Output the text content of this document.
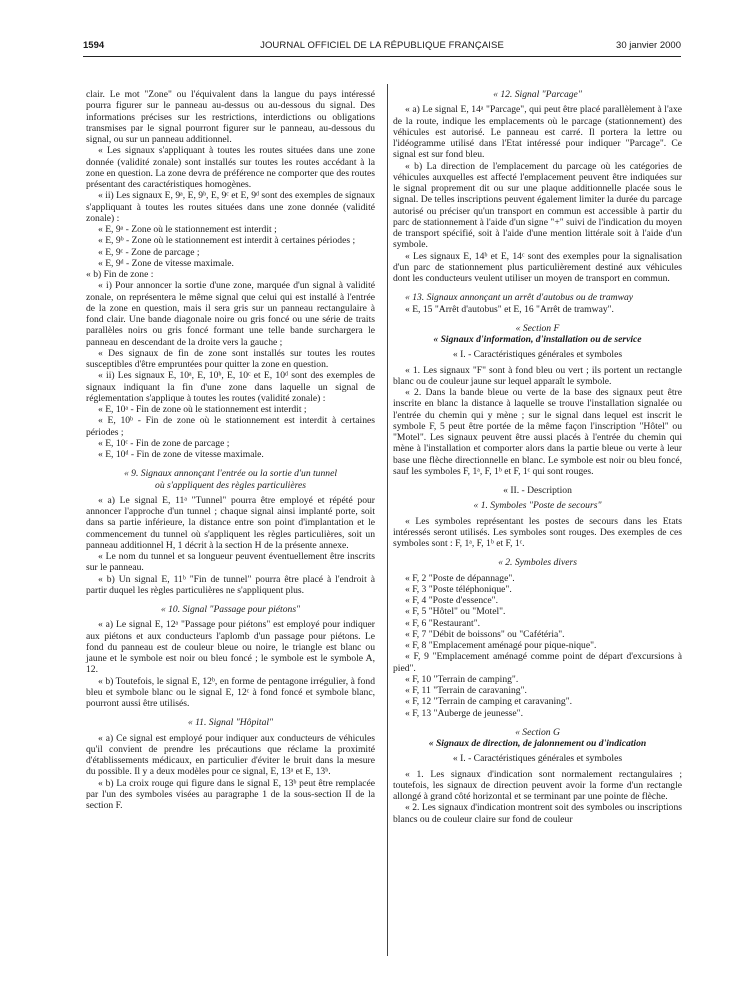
1594	JOURNAL OFFICIEL DE LA RÉPUBLIQUE FRANÇAISE	30 janvier 2000

clair. Le mot "Zone" ou l'équivalent dans la langue du pays intéressé pourra figurer sur le panneau au-dessus ou au-dessous du signal. Des informations précises sur les restrictions, interdictions ou obligations transmises par le signal pourront figurer sur le panneau, au-dessous du signal, ou sur un panneau additionnel.

« Les signaux s'appliquant à toutes les routes situées dans une zone donnée (validité zonale) sont installés sur toutes les routes accédant à la zone en question. La zone devra de préférence ne comporter que des routes présentant des caractéristiques homogènes.

« ii) Les signaux E, 9ᵃ, E, 9ᵇ, E, 9ᶜ et E, 9ᵈ sont des exemples de signaux s'appliquant à toutes les routes situées dans une zone donnée (validité zonale) :

« E, 9ᵃ - Zone où le stationnement est interdit ;

« E, 9ᵇ - Zone où le stationnement est interdit à certaines périodes ;

« E, 9ᶜ - Zone de parcage ;

« E, 9ᵈ - Zone de vitesse maximale.

« b) Fin de zone :

« i) Pour annoncer la sortie d'une zone, marquée d'un signal à validité zonale, on représentera le même signal que celui qui est installé à l'entrée de la zone en question, mais il sera gris sur un panneau rectangulaire à fond clair. Une bande diagonale noire ou gris foncé ou une série de traits parallèles noirs ou gris foncé formant une telle bande surchargera le panneau en descendant de la droite vers la gauche ;

« Des signaux de fin de zone sont installés sur toutes les routes susceptibles d'être empruntées pour quitter la zone en question.

« ii) Les signaux E, 10ᵃ, E, 10ᵇ, E, 10ᶜ et E, 10ᵈ sont des exemples de signaux indiquant la fin d'une zone dans laquelle un signal de réglementation s'applique à toutes les routes (validité zonale) :

« E, 10ᵃ - Fin de zone où le stationnement est interdit ;

« E, 10ᵇ - Fin de zone où le stationnement est interdit à certaines périodes ;

« E, 10ᶜ - Fin de zone de parcage ;

« E, 10ᵈ - Fin de zone de vitesse maximale.

« 9. Signaux annonçant l'entrée ou la sortie d'un tunnel

où s'appliquent des règles particulières

« a) Le signal E, 11ᵃ "Tunnel" pourra être employé et répété pour annoncer l'approche d'un tunnel ; chaque signal ainsi implanté porte, soit dans sa partie inférieure, la distance entre son point d'implantation et le commencement du tunnel où s'appliquent les règles particulières, soit un panneau additionnel H, 1 décrit à la section H de la présente annexe.

« Le nom du tunnel et sa longueur peuvent éventuellement être inscrits sur le panneau.

« b) Un signal E, 11ᵇ "Fin de tunnel" pourra être placé à l'endroit à partir duquel les règles particulières ne s'appliquent plus.

« 10. Signal "Passage pour piétons"

« a) Le signal E, 12ᵃ "Passage pour piétons" est employé pour indiquer aux piétons et aux conducteurs l'aplomb d'un passage pour piétons. Le fond du panneau est de couleur bleue ou noire, le triangle est blanc ou jaune et le symbole est noir ou bleu foncé ; le symbole est le symbole A, 12.

« b) Toutefois, le signal E, 12ᵇ, en forme de pentagone irrégulier, à fond bleu et symbole blanc ou le signal E, 12ᶜ à fond foncé et symbole blanc, pourront aussi être utilisés.

« 11. Signal "Hôpital"

« a) Ce signal est employé pour indiquer aux conducteurs de véhicules qu'il convient de prendre les précautions que réclame la proximité d'établissements médicaux, en particulier d'éviter le bruit dans la mesure du possible. Il y a deux modèles pour ce signal, E, 13ᵃ et E, 13ᵇ.

« b) La croix rouge qui figure dans le signal E, 13ᵇ peut être remplacée par l'un des symboles visées au paragraphe 1 de la sous-section II de la section F.

« 12. Signal "Parcage"

« a) Le signal E, 14ᵃ "Parcage", qui peut être placé parallèlement à l'axe de la route, indique les emplacements où le parcage (stationnement) des véhicules est autorisé. Le panneau est carré. Il portera la lettre ou l'idéogramme utilisé dans l'Etat intéressé pour indiquer "Parcage". Ce signal est sur fond bleu.

« b) La direction de l'emplacement du parcage où les catégories de véhicules auxquelles est affecté l'emplacement peuvent être indiquées sur le signal proprement dit ou sur une plaque additionnelle placée sous le signal. De telles inscriptions peuvent également limiter la durée du parcage autorisé ou préciser qu'un transport en commun est accessible à partir du parc de stationnement à l'aide d'un signe "+" suivi de l'indication du moyen de transport spécifié, soit à l'aide d'une mention littérale soit à l'aide d'un symbole.

« Les signaux E, 14ᵇ et E, 14ᶜ sont des exemples pour la signalisation d'un parc de stationnement plus particulièrement destiné aux véhicules dont les conducteurs veulent utiliser un moyen de transport en commun.

« 13. Signaux annonçant un arrêt d'autobus ou de tramway

« E, 15 "Arrêt d'autobus" et E, 16 "Arrêt de tramway".

« Section F

« Signaux d'information, d'installation ou de service

« I. - Caractéristiques générales et symboles

« 1. Les signaux "F" sont à fond bleu ou vert ; ils portent un rectangle blanc ou de couleur jaune sur lequel apparaît le symbole.

« 2. Dans la bande bleue ou verte de la base des signaux peut être inscrite en blanc la distance à laquelle se trouve l'installation signalée ou l'entrée du chemin qui y mène ; sur le signal dans lequel est inscrit le symbole F, 5 peut être portée de la même façon l'inscription "Hôtel" ou "Motel". Les signaux peuvent être aussi placés à l'entrée du chemin qui mène à l'installation et comporter alors dans la partie bleue ou verte à leur base une flèche directionnelle en blanc. Le symbole est noir ou bleu foncé, sauf les symboles F, 1ᵃ, F, 1ᵇ et F, 1ᶜ qui sont rouges.

« II. - Description

« 1. Symboles "Poste de secours"

« Les symboles représentant les postes de secours dans les Etats intéressés seront utilisés. Les symboles sont rouges. Des exemples de ces symboles sont : F, 1ᵃ, F, 1ᵇ et F, 1ᶜ.

« 2. Symboles divers

« F, 2 "Poste de dépannage".

« F, 3 "Poste téléphonique".

« F, 4 "Poste d'essence".

« F, 5 "Hôtel" ou "Motel".

« F, 6 "Restaurant".

« F, 7 "Débit de boissons" ou "Cafétéria".

« F, 8 "Emplacement aménagé pour pique-nique".

« F, 9 "Emplacement aménagé comme point de départ d'excursions à pied".

« F, 10 "Terrain de camping".

« F, 11 "Terrain de caravaning".

« F, 12 "Terrain de camping et caravaning".

« F, 13 "Auberge de jeunesse".

« Section G

« Signaux de direction, de jalonnement ou d'indication

« I. - Caractéristiques générales et symboles

« 1. Les signaux d'indication sont normalement rectangulaires ; toutefois, les signaux de direction peuvent avoir la forme d'un rectangle allongé à grand côté horizontal et se terminant par une pointe de flèche.

« 2. Les signaux d'indication montrent soit des symboles ou inscriptions blancs ou de couleur claire sur fond de couleur
